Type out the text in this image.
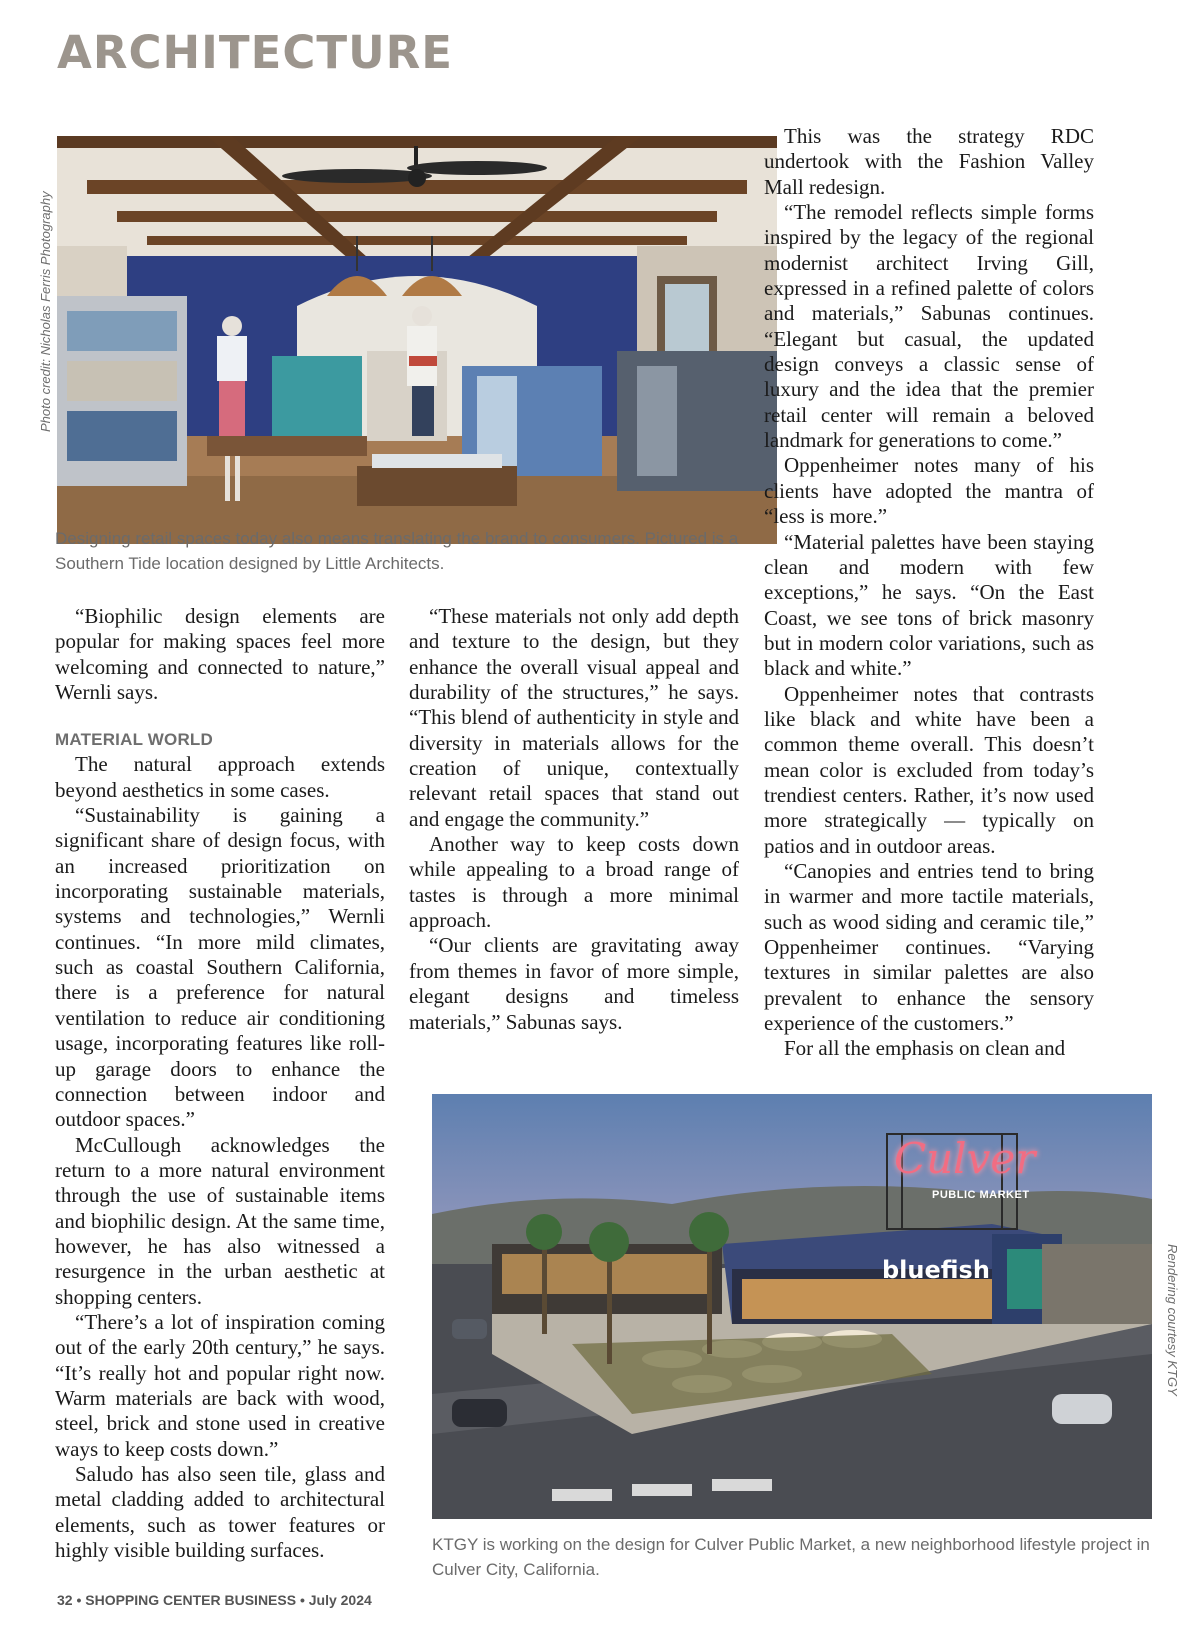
ARCHITECTURE
Photo credit: Nicholas Ferris Photography

Designing retail spaces today also means translating the brand to consumers. Pictured is a Southern Tide location designed by Little Architects.

“Biophilic design elements are popular for making spaces feel more welcoming and connected to nature,” Wernli says.

MATERIAL WORLD

The natural approach extends beyond aesthetics in some cases.

“Sustainability is gaining a significant share of design focus, with an increased prioritization on incorporating sustainable materials, systems and technologies,” Wernli continues. “In more mild climates, such as coastal Southern California, there is a preference for natural ventilation to reduce air conditioning usage, incorporating features like roll-up garage doors to enhance the connection between indoor and outdoor spaces.”

McCullough acknowledges the return to a more natural environment through the use of sustainable items and biophilic design. At the same time, however, he has also witnessed a resurgence in the urban aesthetic at shopping centers.

“There’s a lot of inspiration coming out of the early 20th century,” he says. “It’s really hot and popular right now. Warm materials are back with wood, steel, brick and stone used in creative ways to keep costs down.”

Saludo has also seen tile, glass and metal cladding added to architectural elements, such as tower features or highly visible building surfaces.

“These materials not only add depth and texture to the design, but they enhance the overall visual appeal and durability of the structures,” he says. “This blend of authenticity in style and diversity in materials allows for the creation of unique, contextually relevant retail spaces that stand out and engage the community.”

Another way to keep costs down while appealing to a broad range of tastes is through a more minimal approach.

“Our clients are gravitating away from themes in favor of more simple, elegant designs and timeless materials,” Sabunas says.

This was the strategy RDC undertook with the Fashion Valley Mall redesign.

“The remodel reflects simple forms inspired by the legacy of the regional modernist architect Irving Gill, expressed in a refined palette of colors and materials,” Sabunas continues. “Elegant but casual, the updated design conveys a classic sense of luxury and the idea that the premier retail center will remain a beloved landmark for generations to come.”

Oppenheimer notes many of his clients have adopted the mantra of “less is more.”

“Material palettes have been staying clean and modern with few exceptions,” he says. “On the East Coast, we see tons of brick masonry but in modern color variations, such as black and white.”

Oppenheimer notes that contrasts like black and white have been a common theme overall. This doesn’t mean color is excluded from today’s trendiest centers. Rather, it’s now used more strategically — typically on patios and in outdoor areas.

“Canopies and entries tend to bring in warmer and more tactile materials, such as wood siding and ceramic tile,” Oppenheimer continues. “Varying textures in similar palettes are also prevalent to enhance the sensory experience of the customers.”

For all the emphasis on clean and

Culver
PUBLIC MARKET
bluefish	Rendering courtesy KTGY

KTGY is working on the design for Culver Public Market, a new neighborhood lifestyle project in Culver City, California.

32 • SHOPPING CENTER BUSINESS • July 2024
